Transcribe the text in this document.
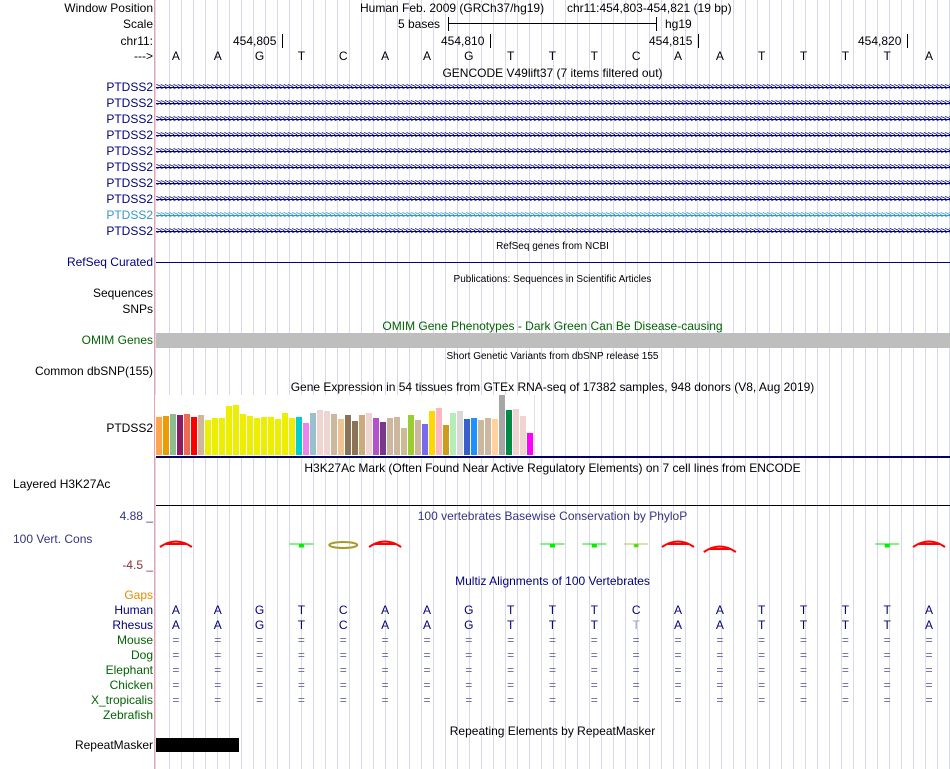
Window Position	Human Feb. 2009 (GRCh37/hg19) chr11:454,803-454,821 (19 bp)
Scale	5 bases	hg19
chr11:	454,805	454,810	454,815	454,820
--->
GENCODE V49lift37 (7 items filtered out)
RefSeq genes from NCBI
RefSeq Curated
Publications: Sequences in Scientific Articles
Sequences
SNPs
OMIM Gene Phenotypes - Dark Green Can Be Disease-causing
OMIM Genes
Short Genetic Variants from dbSNP release 155
Common dbSNP(155)
Gene Expression in 54 tissues from GTEx RNA-seq of 17382 samples, 948 donors (V8, Aug 2019)
PTDSS2
H3K27Ac Mark (Often Found Near Active Regulatory Elements) on 7 cell lines from ENCODE
Layered H3K27Ac
4.88 _	100 vertebrates Basewise Conservation by PhyloP
100 Vert. Cons
-4.5 _
Multiz Alignments of 100 Vertebrates
Gaps
Repeating Elements by RepeatMasker
RepeatMasker
A	A	G	T	C	A	A	G	T	T	T	C	A	A	T	T	T	T	A
PTDSS2
PTDSS2
PTDSS2
PTDSS2
PTDSS2
PTDSS2
PTDSS2
PTDSS2
PTDSS2
PTDSS2
Human	A	A	G	T	C	A	A	G	T	T	T	C	A	A	T	T	T	T	A
Rhesus	A	A	G	T	C	A	A	G	T	T	T	T	A	A	T	T	T	T	A
Mouse	=	=	=	=	=	=	=	=	=	=	=	=	=	=	=	=	=	=	=
Dog	=	=	=	=	=	=	=	=	=	=	=	=	=	=	=	=	=	=	=
Elephant	=	=	=	=	=	=	=	=	=	=	=	=	=	=	=	=	=	=	=
Chicken	=	=	=	=	=	=	=	=	=	=	=	=	=	=	=	=	=	=	=
X_tropicalis	=	=	=	=	=	=	=	=	=	=	=	=	=	=	=	=	=	=	=
Zebrafish
